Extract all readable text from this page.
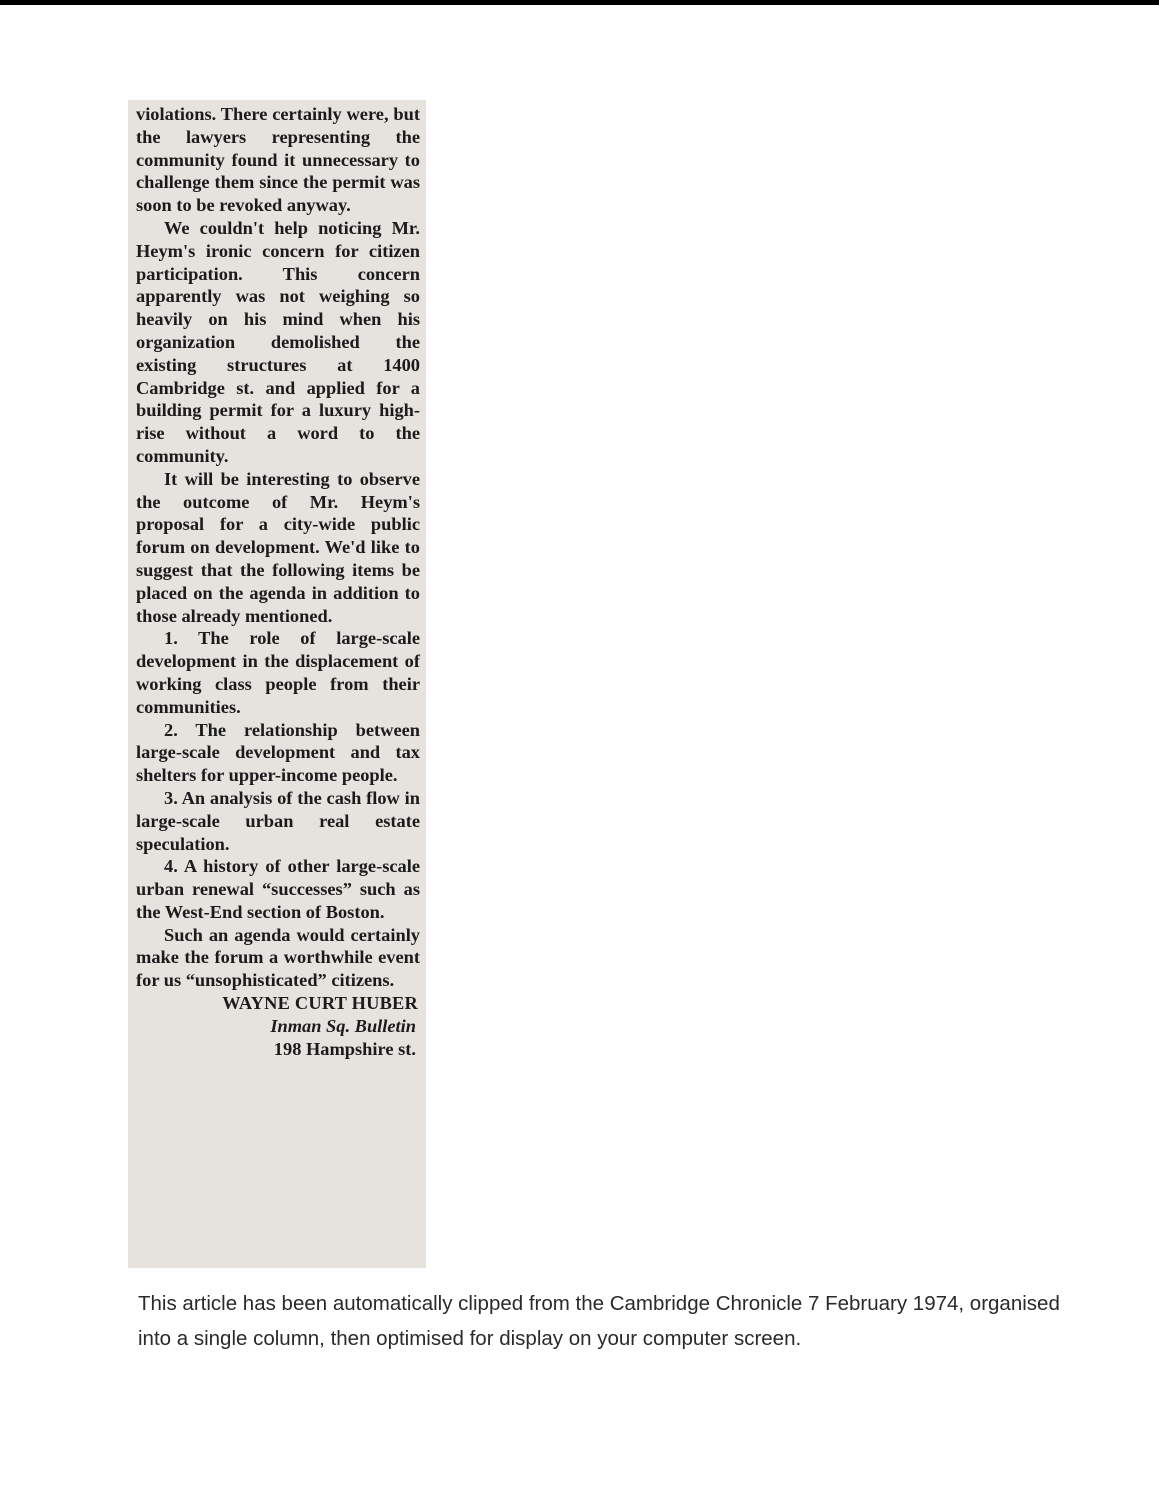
violations. There certainly were, but the lawyers representing the community found it unnecessary to challenge them since the permit was soon to be revoked anyway.

We couldn't help noticing Mr. Heym's ironic concern for citizen participation. This concern apparently was not weighing so heavily on his mind when his organization demolished the existing structures at 1400 Cambridge st. and applied for a building permit for a luxury high-rise without a word to the community.

It will be interesting to observe the outcome of Mr. Heym's proposal for a city-wide public forum on development. We'd like to suggest that the following items be placed on the agenda in addition to those already mentioned.

1. The role of large-scale development in the displacement of working class people from their communities.

2. The relationship between large-scale development and tax shelters for upper-income people.

3. An analysis of the cash flow in large-scale urban real estate speculation.

4. A history of other large-scale urban renewal “successes” such as the West-End section of Boston.

Such an agenda would certainly make the forum a worthwhile event for us “unsophisticated” citizens.

WAYNE CURT HUBER

Inman Sq. Bulletin

198 Hampshire st.

This article has been automatically clipped from the Cambridge Chronicle 7 February 1974, organised into a single column, then optimised for display on your computer screen.
